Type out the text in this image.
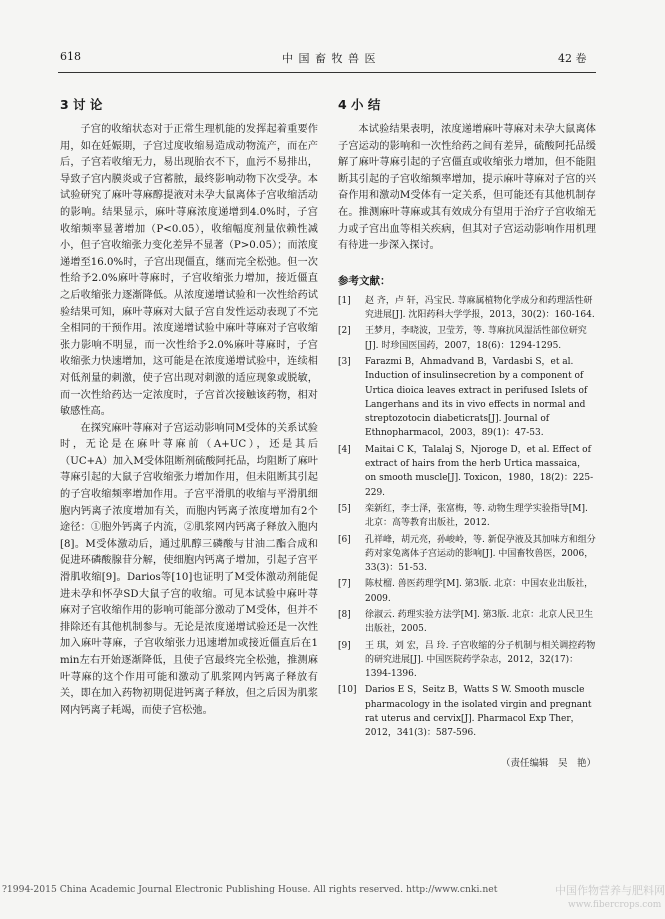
618	中 国 畜 牧 兽 医	42 卷
3 讨 论

子宫的收缩状态对于正常生理机能的发挥起着重要作用，如在妊娠期，子宫过度收缩易造成动物流产，而在产后，子宫若收缩无力，易出现胎衣不下，血污不易排出，导致子宫内膜炎或子宫蓄脓，最终影响动物下次受孕。本试验研究了麻叶荨麻醇提液对未孕大鼠离体子宫收缩活动的影响。结果显示，麻叶荨麻浓度递增到4.0%时，子宫收缩频率显著增加（P<0.05），收缩幅度剂量依赖性减小，但子宫收缩张力变化差异不显著（P>0.05）；而浓度递增至16.0%时，子宫出现僵直，继而完全松弛。但一次性给予2.0%麻叶荨麻时，子宫收缩张力增加，接近僵直之后收缩张力逐渐降低。从浓度递增试验和一次性给药试验结果可知，麻叶荨麻对大鼠子宫自发性运动表现了不完全相同的干预作用。浓度递增试验中麻叶荨麻对子宫收缩张力影响不明显，而一次性给予2.0%麻叶荨麻时，子宫收缩张力快速增加，这可能是在浓度递增试验中，连续相对低剂量的刺激，使子宫出现对刺激的适应现象或脱敏，而一次性给药达一定浓度时，子宫首次接触该药物，相对敏感性高。

在探究麻叶荨麻对子宫运动影响同M受体的关系试验时，无论是在麻叶荨麻前（A+UC），还是其后（UC+A）加入M受体阻断剂硫酸阿托品，均阻断了麻叶荨麻引起的大鼠子宫收缩张力增加作用，但未阻断其引起的子宫收缩频率增加作用。子宫平滑肌的收缩与平滑肌细胞内钙离子浓度增加有关，而胞内钙离子浓度增加有2个途径：①胞外钙离子内流，②肌浆网内钙离子释放入胞内[8]。M受体激动后，通过肌醇三磷酸与甘油二酯合成和促进环磷酸腺苷分解，使细胞内钙离子增加，引起子宫平滑肌收缩[9]。Darios等[10]也证明了M受体激动剂能促进未孕和怀孕SD大鼠子宫的收缩。可见本试验中麻叶荨麻对子宫收缩作用的影响可能部分激动了M受体，但并不排除还有其他机制参与。无论是浓度递增试验还是一次性加入麻叶荨麻，子宫收缩张力迅速增加或接近僵直后在1 min左右开始逐渐降低，且使子宫最终完全松弛，推测麻叶荨麻的这个作用可能和激动了肌浆网内钙离子释放有关，即在加入药物初期促进钙离子释放，但之后因为肌浆网内钙离子耗竭，而使子宫松弛。

4 小 结

本试验结果表明，浓度递增麻叶荨麻对未孕大鼠离体子宫运动的影响和一次性给药之间有差异，硫酸阿托品缓解了麻叶荨麻引起的子宫僵直或收缩张力增加，但不能阻断其引起的子宫收缩频率增加，提示麻叶荨麻对子宫的兴奋作用和激动M受体有一定关系，但可能还有其他机制存在。推测麻叶荨麻或其有效成分有望用于治疗子宫收缩无力或子宫出血等相关疾病，但其对子宫运动影响作用机理有待进一步深入探讨。

参考文献：
[1]	赵 齐，卢 轩，冯宝民. 荨麻属植物化学成分和药理活性研究进展[J]. 沈阳药科大学学报，2013，30(2)：160-164.
[2]	王梦月，李晓波，卫莹芳，等. 荨麻抗风湿活性部位研究[J]. 时珍国医国药，2007，18(6)：1294-1295.
[3]	Farazmi B，Ahmadvand B，Vardasbi S，et al. Induction of insulinsecretion by a component of Urtica dioica leaves extract in perifused Islets of Langerhans and its in vivo effects in normal and streptozotocin diabeticrats[J]. Journal of Ethnopharmacol，2003，89(1)：47-53.
[4]	Maitai C K，Talalaj S，Njoroge D，et al. Effect of extract of hairs from the herb Urtica massaica，on smooth muscle[J]. Toxicon，1980，18(2)：225-229.
[5]	栾新红，李士泽，张富梅，等. 动物生理学实验指导[M]. 北京：高等教育出版社，2012.
[6]	孔祥峰，胡元亮，孙峻岭，等. 新促孕液及其加味方和组分药对家兔离体子宫运动的影响[J]. 中国畜牧兽医，2006，33(3)：51-53.
[7]	陈杖榴. 兽医药理学[M]. 第3版. 北京：中国农业出版社，2009.
[8]	徐淑云. 药理实验方法学[M]. 第3版. 北京：北京人民卫生出版社，2005.
[9]	王 琪，刘 宏，吕 玲. 子宫收缩的分子机制与相关调控药物的研究进展[J]. 中国医院药学杂志，2012，32(17)：1394-1396.
[10] Darios E S，Seitz B，Watts S W. Smooth muscle pharmacology in the isolated virgin and pregnant rat uterus and cervix[J]. Pharmacol Exp Ther，2012，341(3)：587-596.
（责任编辑　吴　艳）
?1994-2015 China Academic Journal Electronic Publishing House. All rights reserved. http://www.cnki.net	中国作物营养与肥料网
www.fibercrops.com
